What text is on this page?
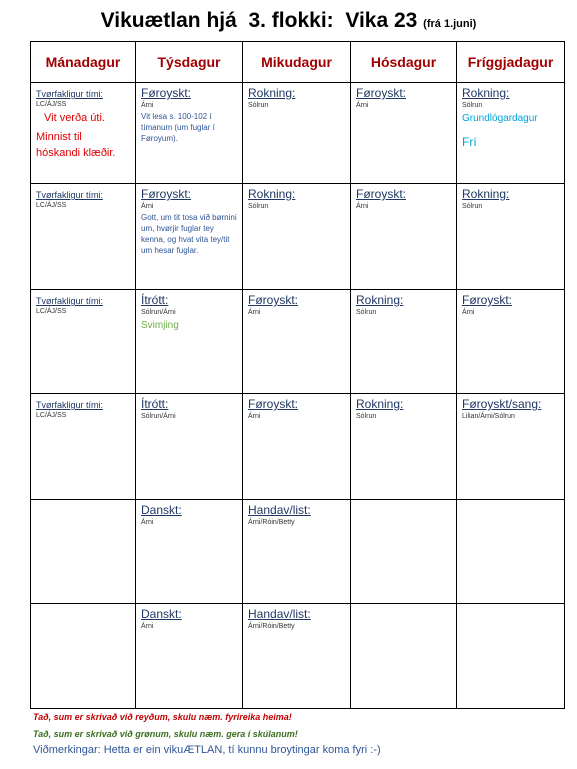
Vikuætlan hjá  3. flokki:  Vika 23 (frá 1.juni)
Mánadagur	Týsdagur	Mikudagur	Hósdagur	Fríggjadagur

Tvørfakligur tími:
LC/ÁJ/SS
Vit verða úti.
Minnist til
hóskandi klæðir.	Føroyskt:
Árni
Vit lesa s. 100-102 í tímanum (um fuglar í Føroyum).	Rokning:
Sólrun	Føroyskt:
Árni	Rokning:
Sólrun
Grundlógardagur
Frí

Tvørfakligur tími:
LC/ÁJ/SS	Føroyskt:
Árni
Gott, um tit tosa við børnini um, hvørjir fuglar tey kenna, og hvat vita tey/tit um hesar fuglar.	Rokning:
Sólrun	Føroyskt:
Árni	Rokning:
Sólrun

Tvørfakligur tími:
LC/ÁJ/SS	Ítrótt:
Sólrun/Árni
Svimjing	Føroyskt:
Árni	Rokning:
Sólrun	Føroyskt:
Árni

Tvørfakligur tími:
LC/ÁJ/SS	Ítrótt:
Sólrun/Árni	Føroyskt:
Árni	Rokning:
Sólrun	Føroyskt/sang:
Lilian/Árni/Sólrun

	Danskt:
Árni	Handav/list:
Árni/Róin/Betty		

	Danskt:
Árni	Handav/list:
Árni/Róin/Betty		

Tað, sum er skrivað við reyðum, skulu næm. fyrireika heima!
Tað, sum er skrivað við grønum, skulu næm. gera í skúlanum!
Viðmerkingar: Hetta er ein vikuÆTLAN, tí kunnu broytingar koma fyri :-)
